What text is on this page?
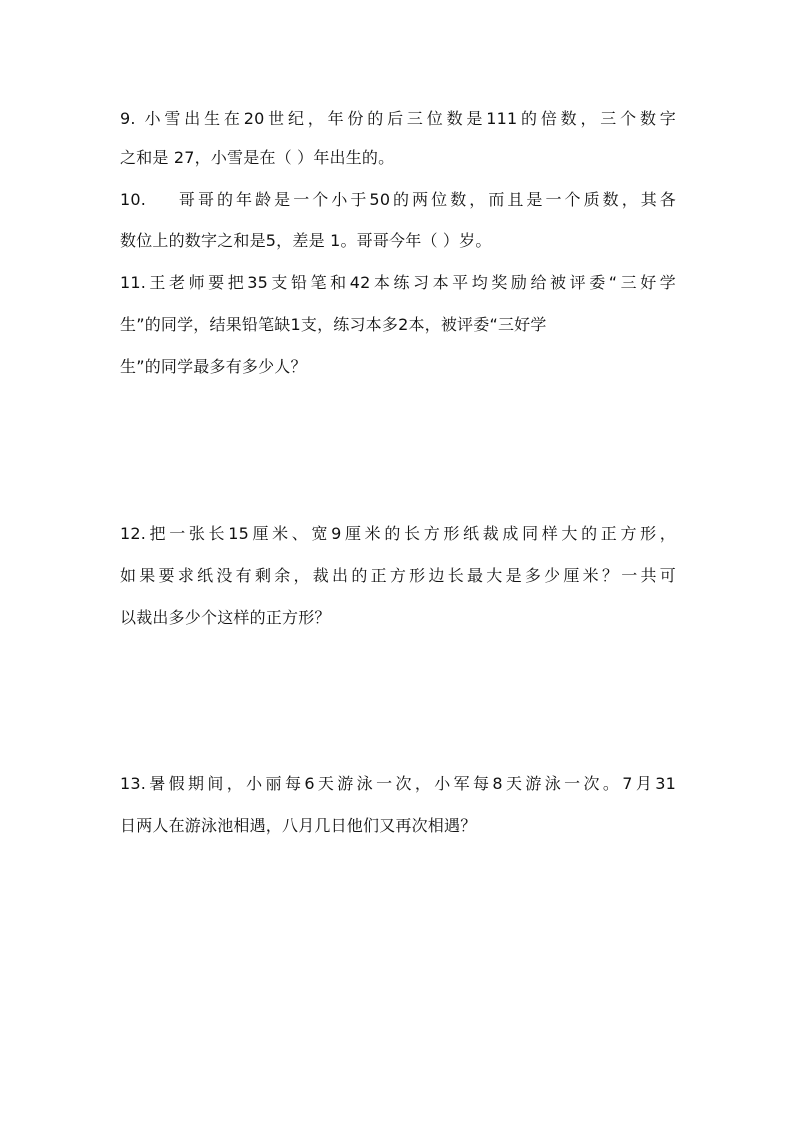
9. 小雪出生在20世纪，年份的后三位数是111的倍数，三个数字
之和是 27，小雪是在（ ）年出生的。
10. 哥哥的年龄是一个小于50的两位数，而且是一个质数，其各
数位上的数字之和是5，差是 1。哥哥今年（ ）岁。
11.王老师要把35支铅笔和42本练习本平均奖励给被评委“三好学
生”的同学，结果铅笔缺1支，练习本多2本，被评委“三好学
生”的同学最多有多少人？
12.把一张长15厘米、宽9厘米的长方形纸裁成同样大的正方形，
如果要求纸没有剩余，裁出的正方形边长最大是多少厘米？一共可
以裁出多少个这样的正方形？
13.暑假期间，小丽每6天游泳一次，小军每8天游泳一次。7月31
日两人在游泳池相遇，八月几日他们又再次相遇？
